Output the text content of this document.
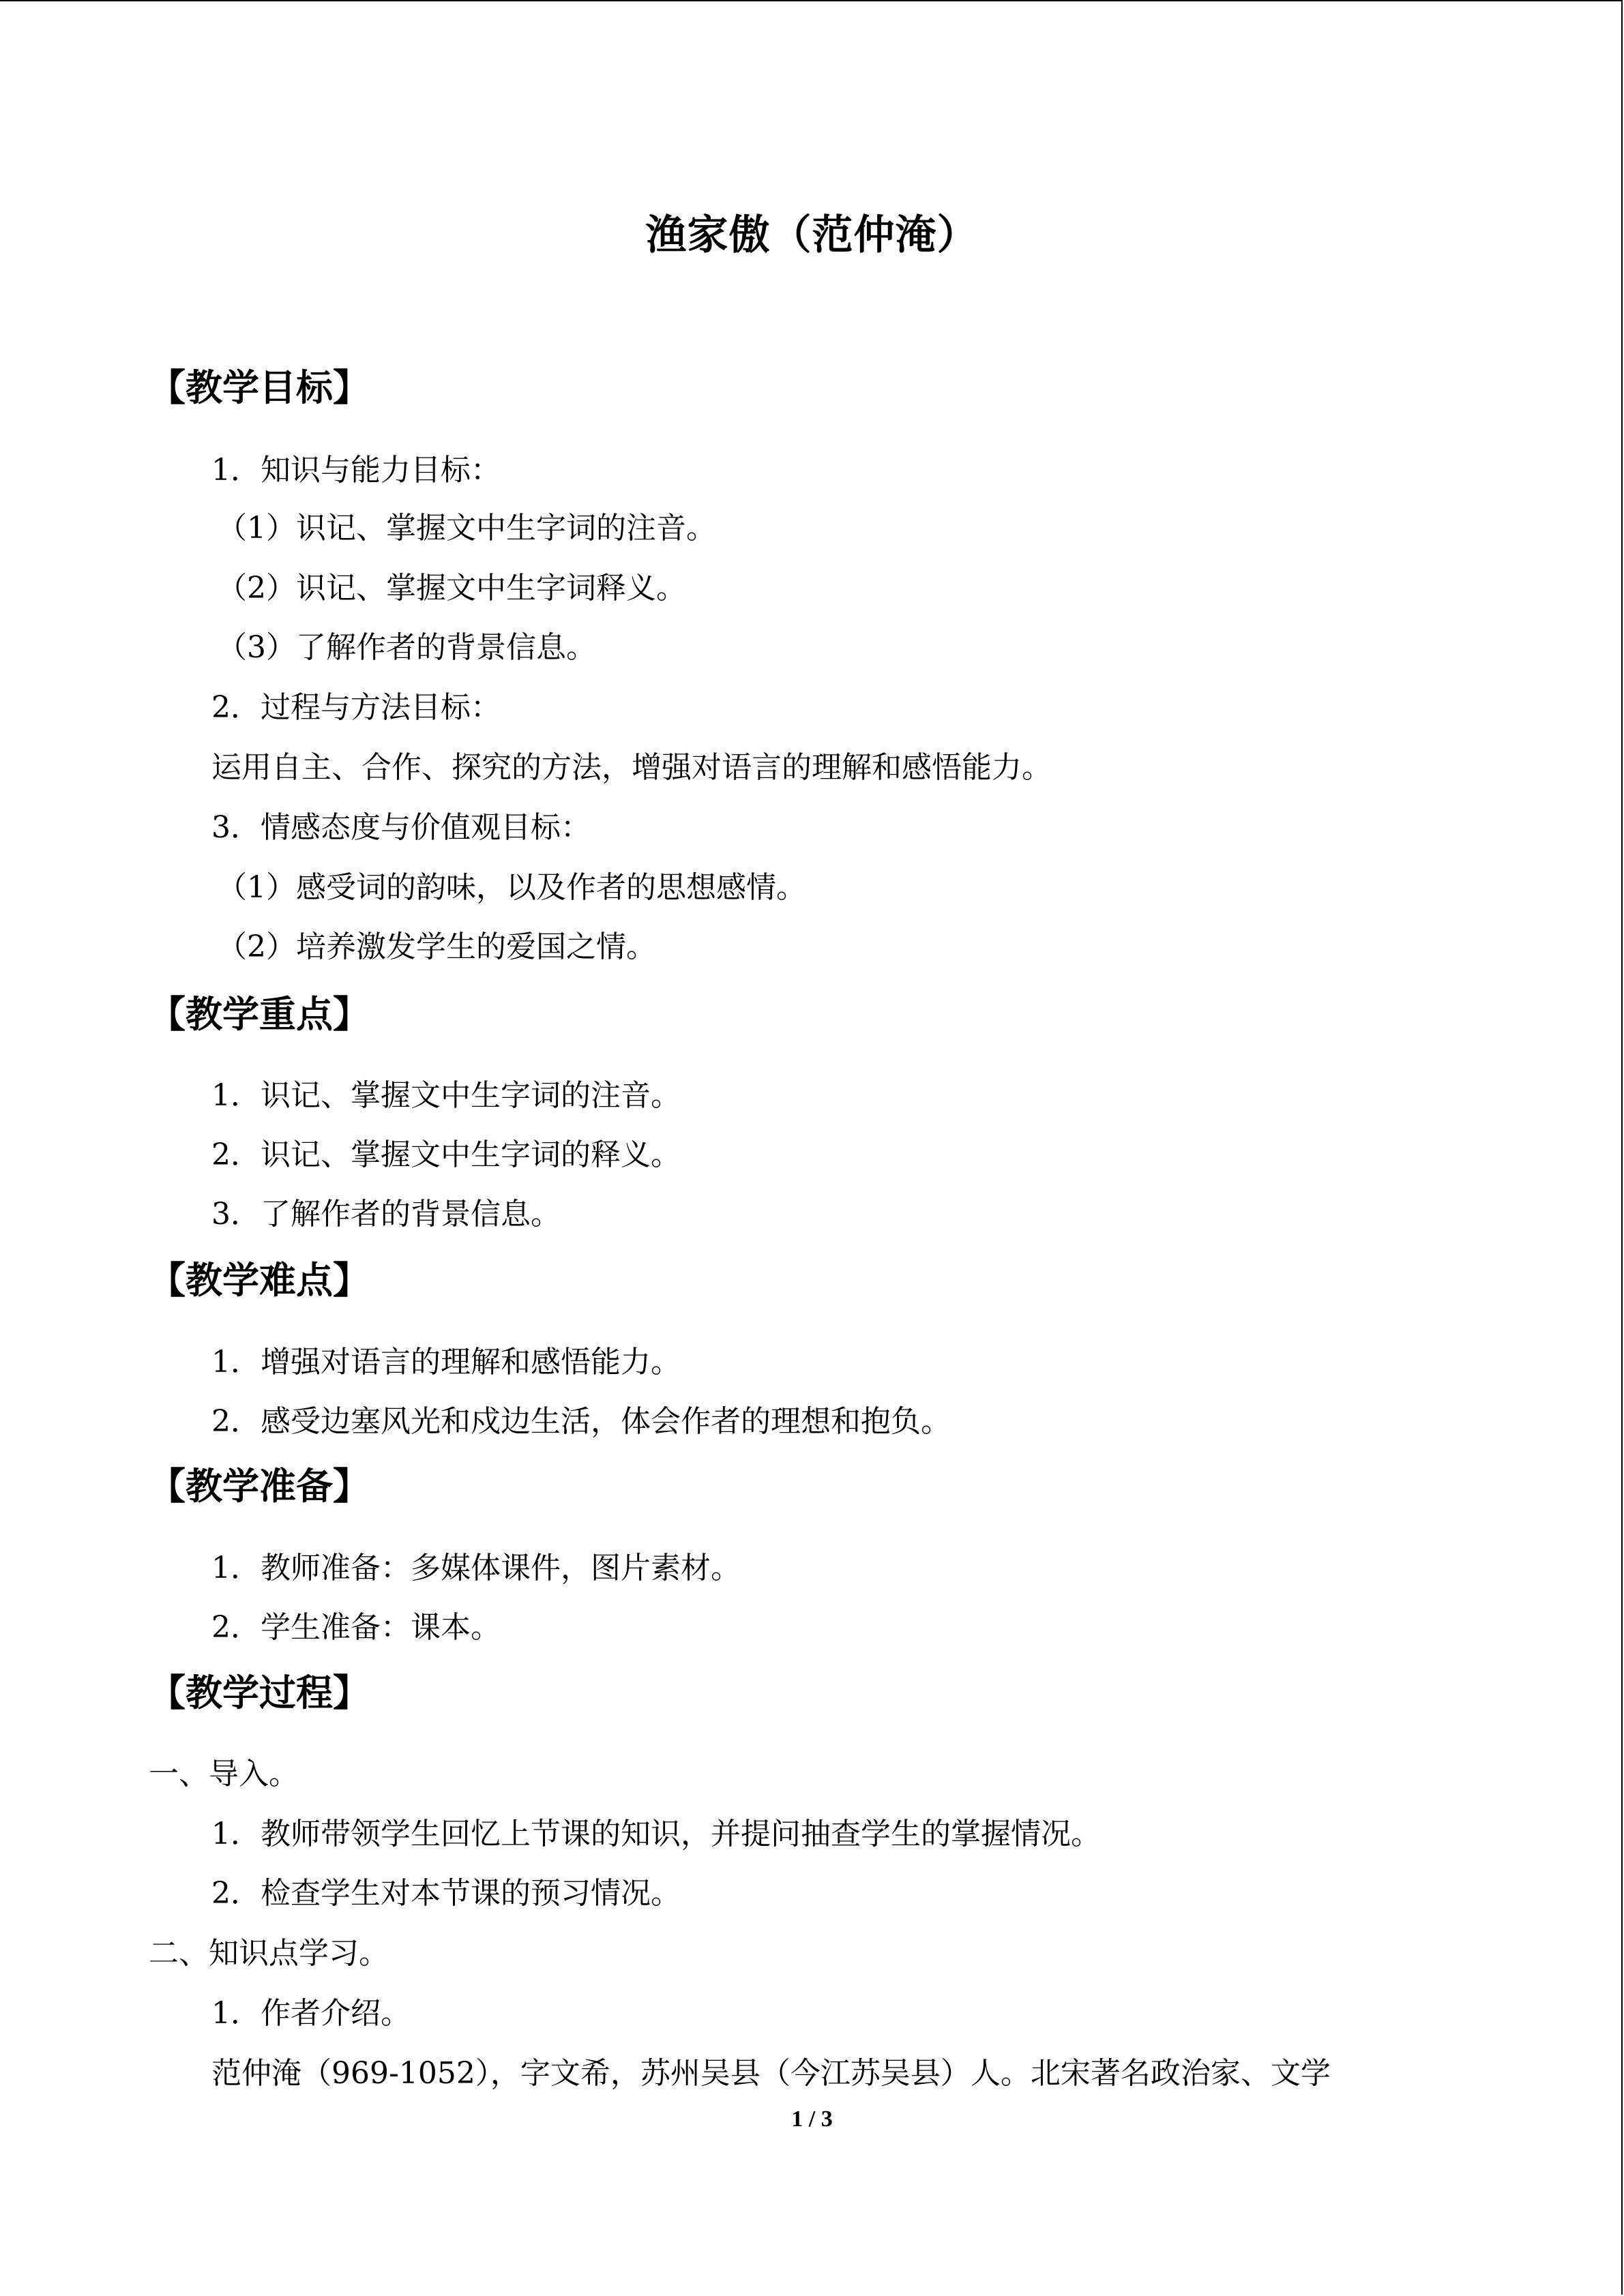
渔家傲（范仲淹）
【教学目标】
1．知识与能力目标：
（1）识记、掌握文中生字词的注音。
（2）识记、掌握文中生字词释义。
（3）了解作者的背景信息。
2．过程与方法目标：
运用自主、合作、探究的方法，增强对语言的理解和感悟能力。
3．情感态度与价值观目标：
（1）感受词的韵味，以及作者的思想感情。
（2）培养激发学生的爱国之情。
【教学重点】
1．识记、掌握文中生字词的注音。
2．识记、掌握文中生字词的释义。
3．了解作者的背景信息。
【教学难点】
1．增强对语言的理解和感悟能力。
2．感受边塞风光和戍边生活，体会作者的理想和抱负。
【教学准备】
1．教师准备：多媒体课件，图片素材。
2．学生准备：课本。
【教学过程】
一、导入。
1．教师带领学生回忆上节课的知识，并提问抽查学生的掌握情况。
2．检查学生对本节课的预习情况。
二、知识点学习。
1．作者介绍。
范仲淹（969-1052），字文希，苏州吴县（今江苏吴县）人。北宋著名政治家、文学
1 / 3
